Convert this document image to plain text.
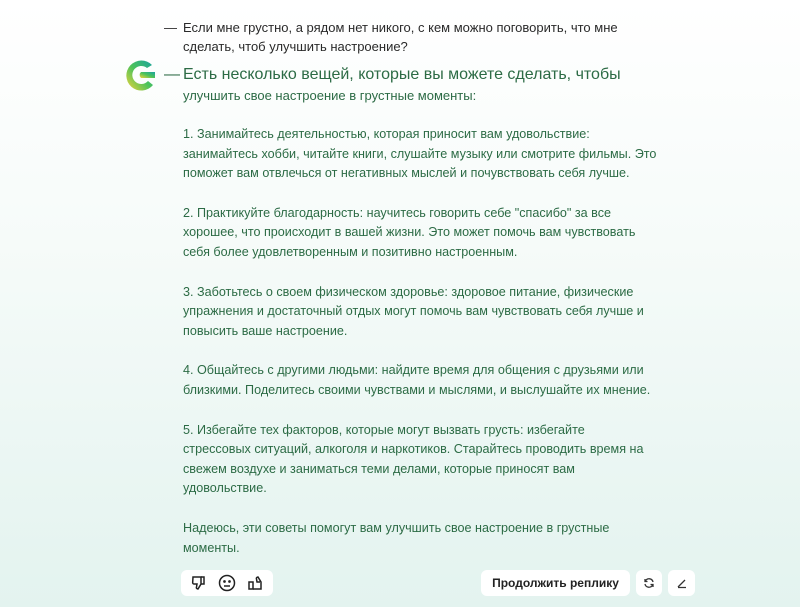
— Если мне грустно, а рядом нет никого, с кем можно поговорить, что мне
сделать, чтоб улучшить настроение?
— Есть несколько вещей, которые вы можете сделать, чтобы
улучшить свое настроение в грустные моменты:
1. Занимайтесь деятельностью, которая приносит вам удовольствие:
занимайтесь хобби, читайте книги, слушайте музыку или смотрите фильмы. Это
поможет вам отвлечься от негативных мыслей и почувствовать себя лучше.
2. Практикуйте благодарность: научитесь говорить себе "спасибо" за все
хорошее, что происходит в вашей жизни. Это может помочь вам чувствовать
себя более удовлетворенным и позитивно настроенным.
3. Заботьтесь о своем физическом здоровье: здоровое питание, физические
упражнения и достаточный отдых могут помочь вам чувствовать себя лучше и
повысить ваше настроение.
4. Общайтесь с другими людьми: найдите время для общения с друзьями или
близкими. Поделитесь своими чувствами и мыслями, и выслушайте их мнение.
5. Избегайте тех факторов, которые могут вызвать грусть: избегайте
стрессовых ситуаций, алкоголя и наркотиков. Старайтесь проводить время на
свежем воздухе и заниматься теми делами, которые приносят вам
удовольствие.
Надеюсь, эти советы помогут вам улучшить свое настроение в грустные
моменты.
Продолжить реплику
